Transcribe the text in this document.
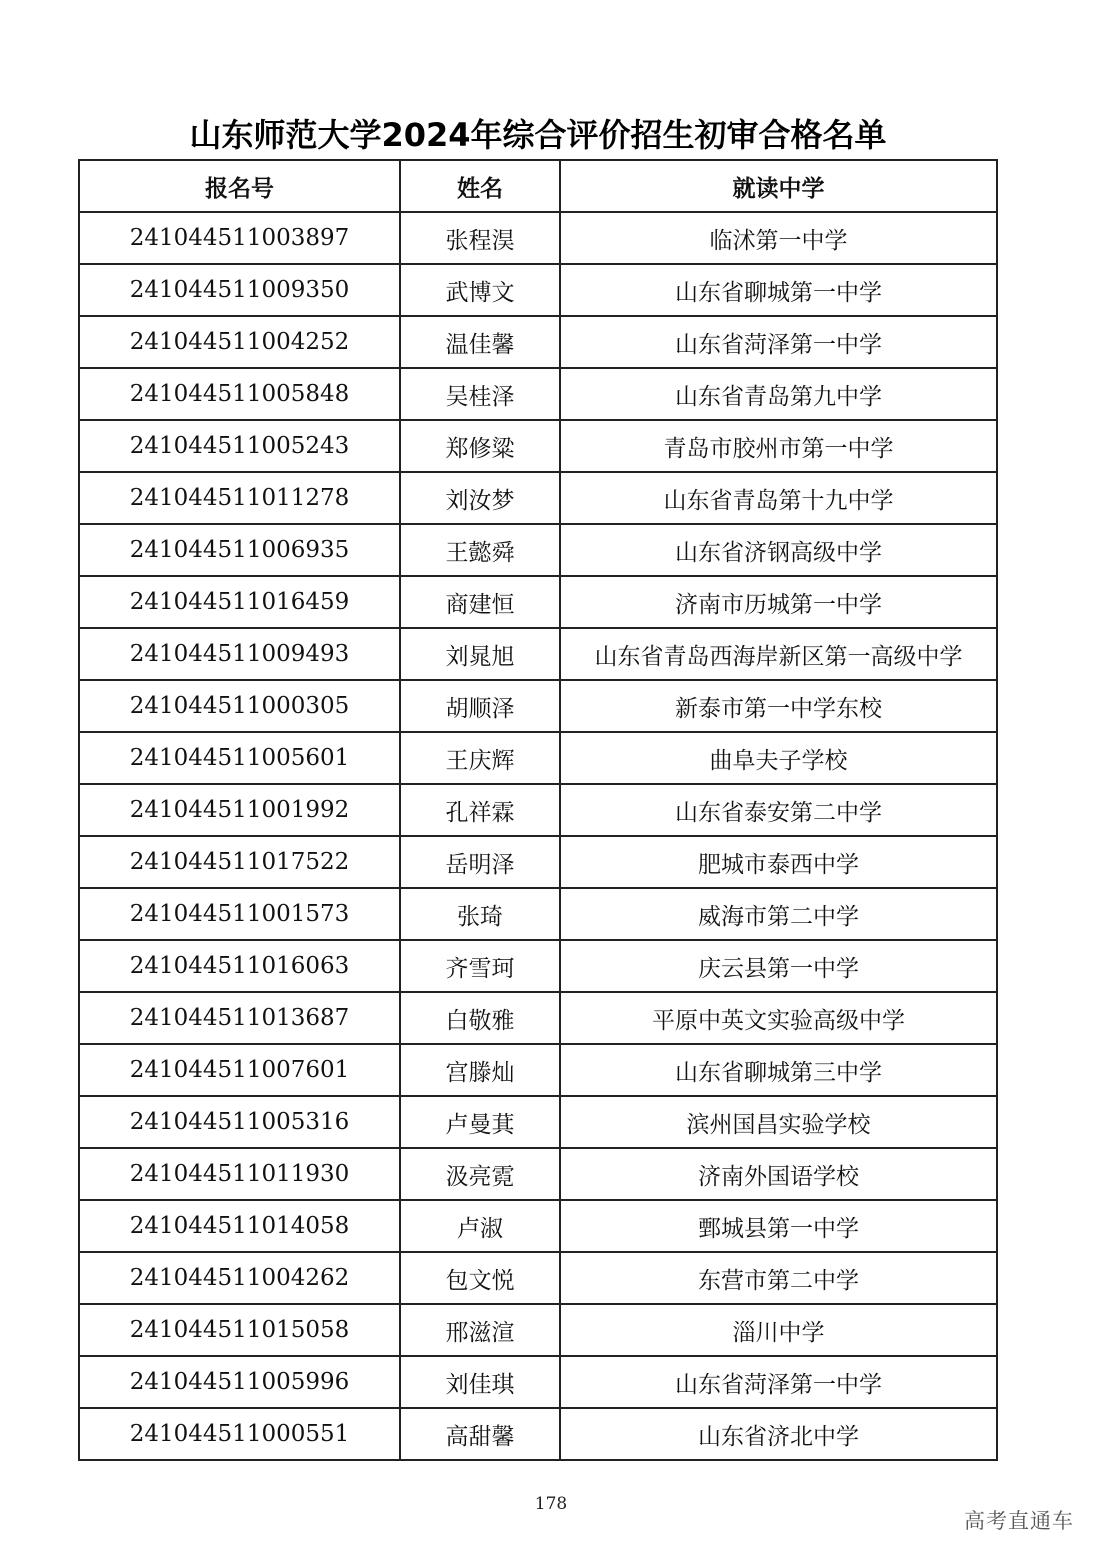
山东师范大学2024年综合评价招生初审合格名单
报名号	姓名	就读中学
241044511003897	张程淏	临沭第一中学
241044511009350	武博文	山东省聊城第一中学
241044511004252	温佳馨	山东省菏泽第一中学
241044511005848	吴桂泽	山东省青岛第九中学
241044511005243	郑修粱	青岛市胶州市第一中学
241044511011278	刘汝梦	山东省青岛第十九中学
241044511006935	王懿舜	山东省济钢高级中学
241044511016459	商建恒	济南市历城第一中学
241044511009493	刘晁旭	山东省青岛西海岸新区第一高级中学
241044511000305	胡顺泽	新泰市第一中学东校
241044511005601	王庆辉	曲阜夫子学校
241044511001992	孔祥霖	山东省泰安第二中学
241044511017522	岳明泽	肥城市泰西中学
241044511001573	张琦	威海市第二中学
241044511016063	齐雪珂	庆云县第一中学
241044511013687	白敬雅	平原中英文实验高级中学
241044511007601	宫滕灿	山东省聊城第三中学
241044511005316	卢曼萁	滨州国昌实验学校
241044511011930	汲亮霓	济南外国语学校
241044511014058	卢淑	鄄城县第一中学
241044511004262	包文悦	东营市第二中学
241044511015058	邢滋渲	淄川中学
241044511005996	刘佳琪	山东省菏泽第一中学
241044511000551	高甜馨	山东省济北中学
178
高考直通车
